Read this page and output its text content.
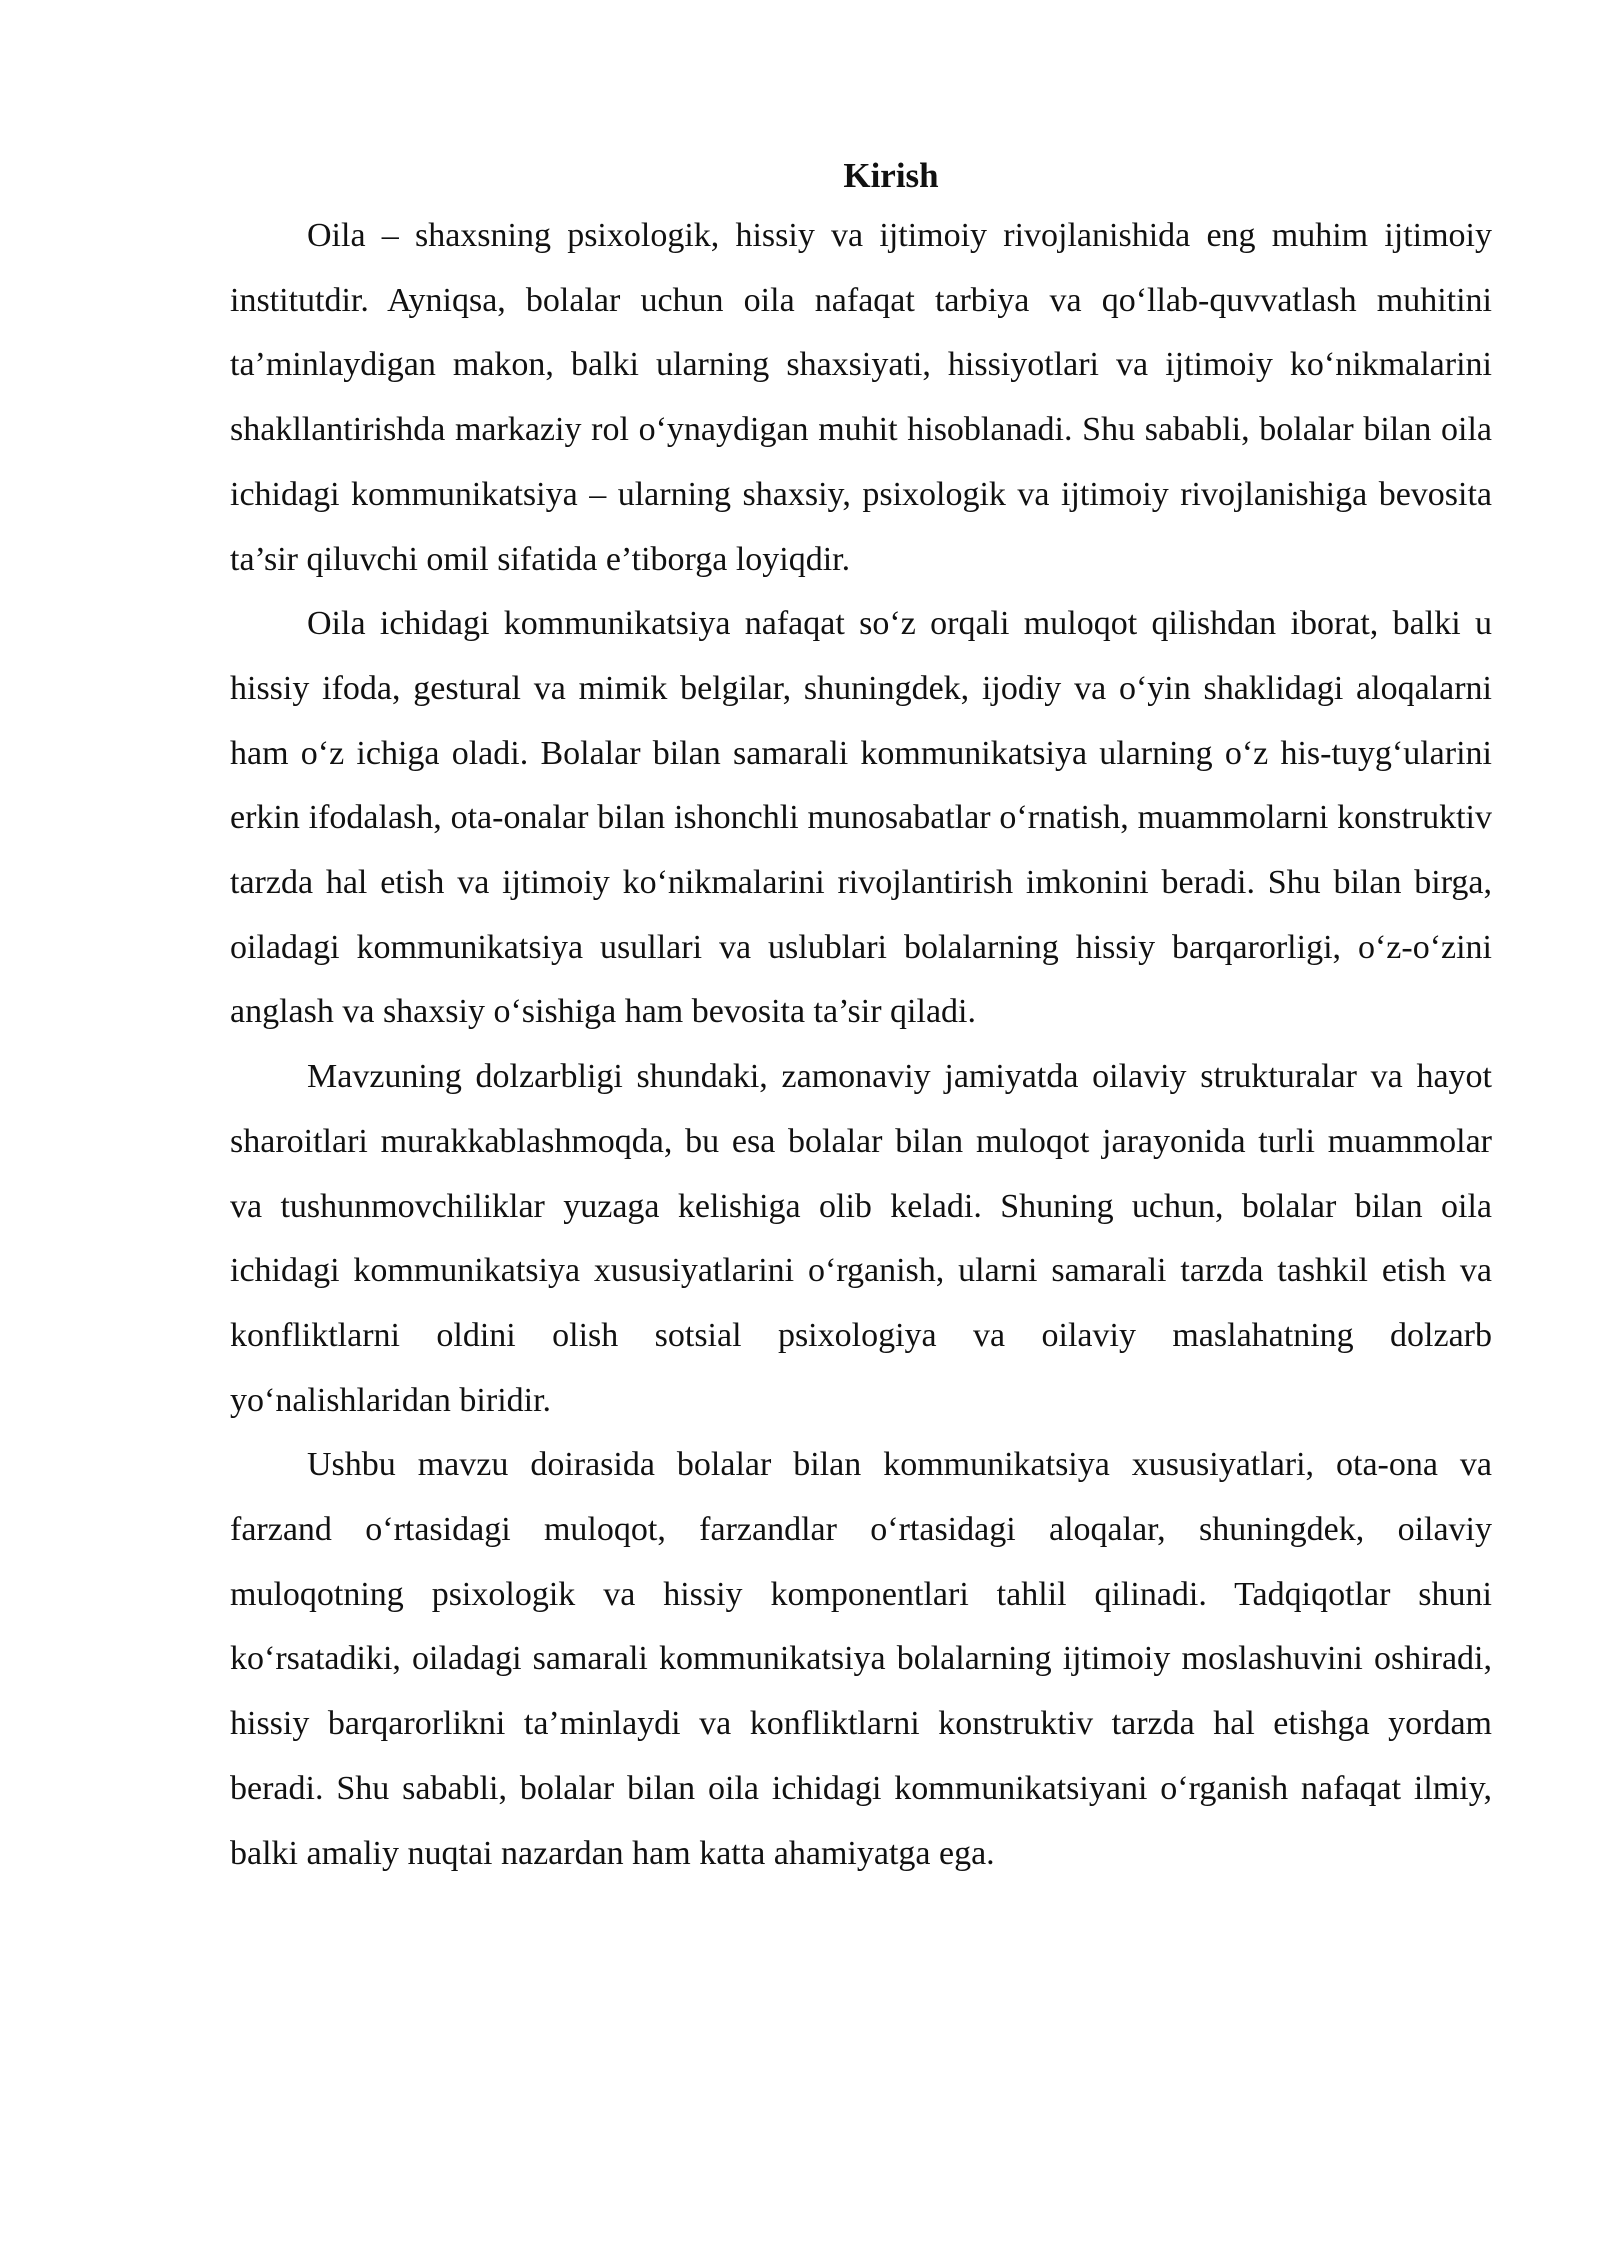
Kirish

Oila – shaxsning psixologik, hissiy va ijtimoiy rivojlanishida eng muhim ijtimoiy institutdir. Ayniqsa, bolalar uchun oila nafaqat tarbiya va qo‘llab-quvvatlash muhitini ta’minlaydigan makon, balki ularning shaxsiyati, hissiyotlari va ijtimoiy ko‘nikmalarini shakllantirishda markaziy rol o‘ynaydigan muhit hisoblanadi. Shu sababli, bolalar bilan oila ichidagi kommunikatsiya – ularning shaxsiy, psixologik va ijtimoiy rivojlanishiga bevosita ta’sir qiluvchi omil sifatida e’tiborga loyiqdir.

Oila ichidagi kommunikatsiya nafaqat so‘z orqali muloqot qilishdan iborat, balki u hissiy ifoda, gestural va mimik belgilar, shuningdek, ijodiy va o‘yin shaklidagi aloqalarni ham o‘z ichiga oladi. Bolalar bilan samarali kommunikatsiya ularning o‘z his-tuyg‘ularini erkin ifodalash, ota-onalar bilan ishonchli munosabatlar o‘rnatish, muammolarni konstruktiv tarzda hal etish va ijtimoiy ko‘nikmalarini rivojlantirish imkonini beradi. Shu bilan birga, oiladagi kommunikatsiya usullari va uslublari bolalarning hissiy barqarorligi, o‘z-o‘zini anglash va shaxsiy o‘sishiga ham bevosita ta’sir qiladi.

Mavzuning dolzarbligi shundaki, zamonaviy jamiyatda oilaviy strukturalar va hayot sharoitlari murakkablashmoqda, bu esa bolalar bilan muloqot jarayonida turli muammolar va tushunmovchiliklar yuzaga kelishiga olib keladi. Shuning uchun, bolalar bilan oila ichidagi kommunikatsiya xususiyatlarini o‘rganish, ularni samarali tarzda tashkil etish va konfliktlarni oldini olish sotsial psixologiya va oilaviy maslahatning dolzarb yo‘nalishlaridan biridir.

Ushbu mavzu doirasida bolalar bilan kommunikatsiya xususiyatlari, ota-ona va farzand o‘rtasidagi muloqot, farzandlar o‘rtasidagi aloqalar, shuningdek, oilaviy muloqotning psixologik va hissiy komponentlari tahlil qilinadi. Tadqiqotlar shuni ko‘rsatadiki, oiladagi samarali kommunikatsiya bolalarning ijtimoiy moslashuvini oshiradi, hissiy barqarorlikni ta’minlaydi va konfliktlarni konstruktiv tarzda hal etishga yordam beradi. Shu sababli, bolalar bilan oila ichidagi kommunikatsiyani o‘rganish nafaqat ilmiy, balki amaliy nuqtai nazardan ham katta ahamiyatga ega.
